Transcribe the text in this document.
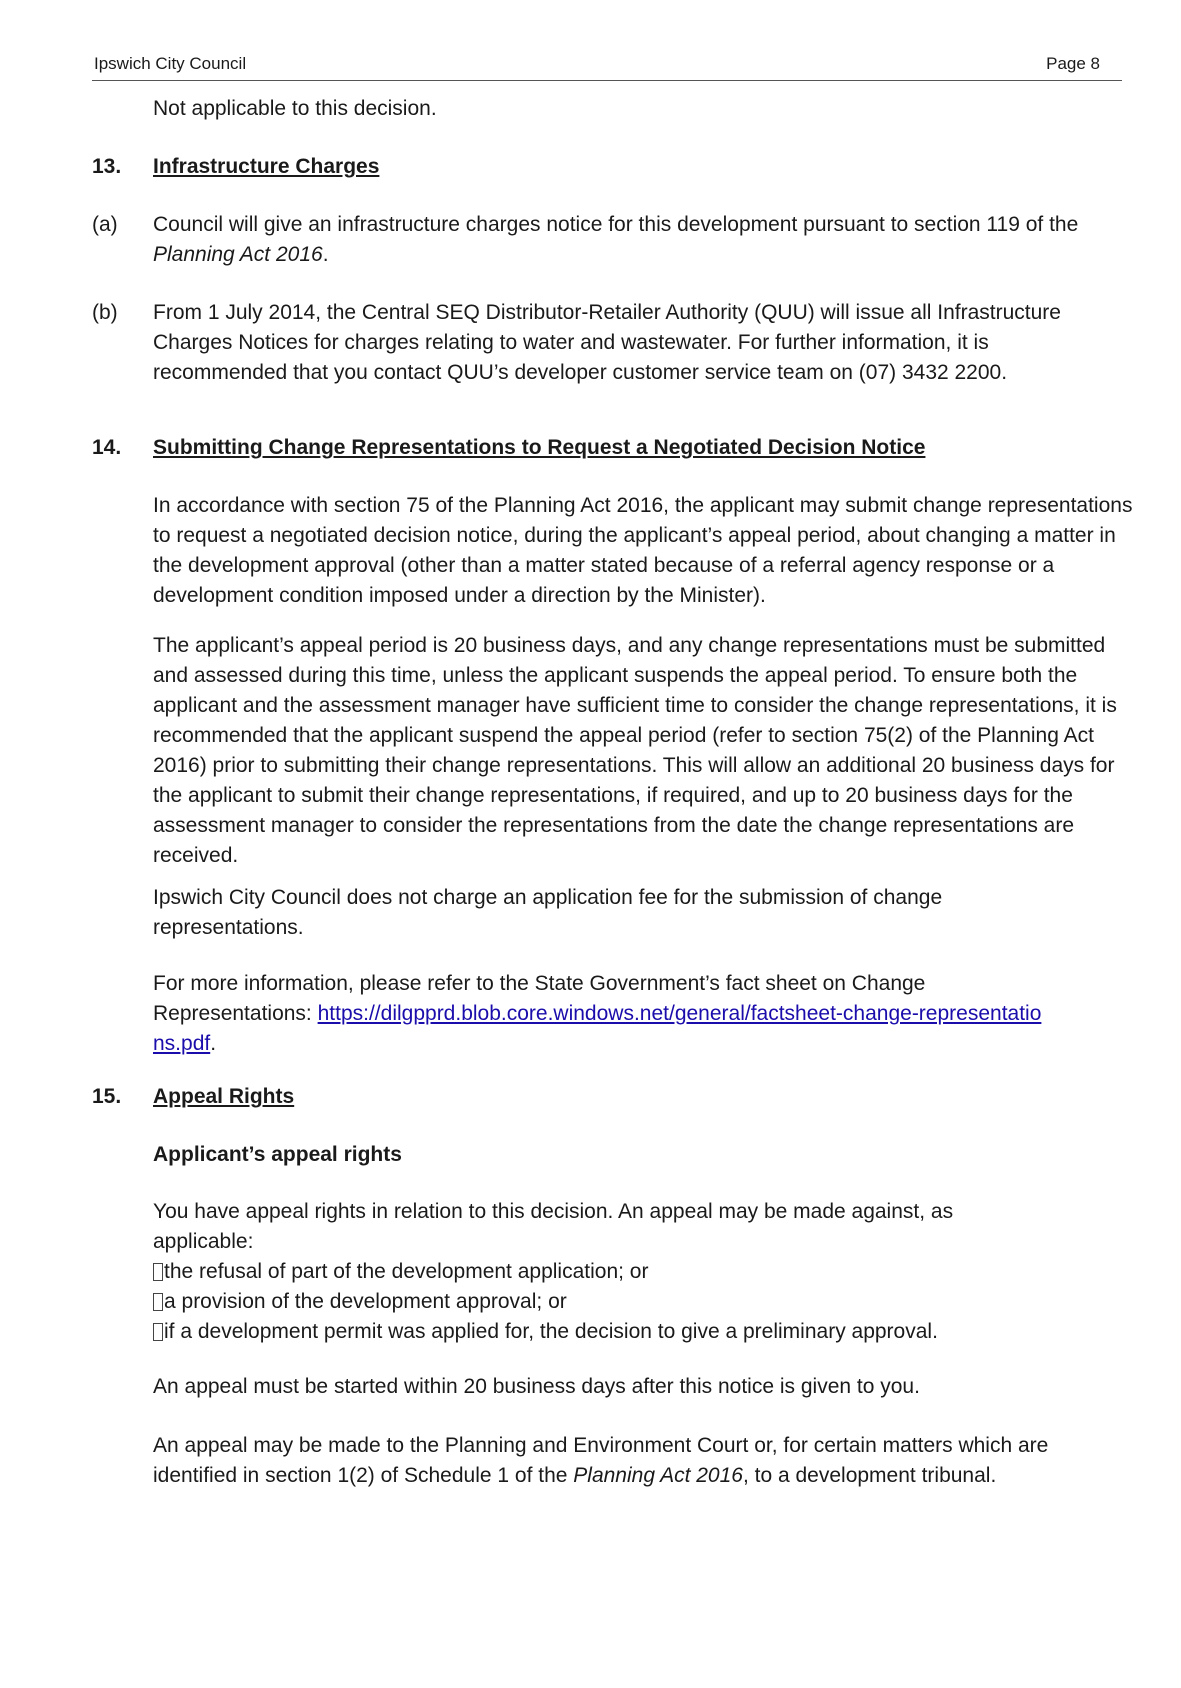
Ipswich City Council	Page 8
Not applicable to this decision.
13. Infrastructure Charges
(a) Council will give an infrastructure charges notice for this development pursuant to section 119 of the Planning Act 2016.
(b) From 1 July 2014, the Central SEQ Distributor-Retailer Authority (QUU) will issue all Infrastructure Charges Notices for charges relating to water and wastewater. For further information, it is recommended that you contact QUU’s developer customer service team on (07) 3432 2200.
14. Submitting Change Representations to Request a Negotiated Decision Notice
In accordance with section 75 of the Planning Act 2016, the applicant may submit change representations to request a negotiated decision notice, during the applicant’s appeal period, about changing a matter in the development approval (other than a matter stated because of a referral agency response or a development condition imposed under a direction by the Minister).
The applicant’s appeal period is 20 business days, and any change representations must be submitted and assessed during this time, unless the applicant suspends the appeal period. To ensure both the applicant and the assessment manager have sufficient time to consider the change representations, it is recommended that the applicant suspend the appeal period (refer to section 75(2) of the Planning Act 2016) prior to submitting their change representations. This will allow an additional 20 business days for the applicant to submit their change representations, if required, and up to 20 business days for the assessment manager to consider the representations from the date the change representations are received.
Ipswich City Council does not charge an application fee for the submission of change representations.
For more information, please refer to the State Government’s fact sheet on Change Representations: https://dilgpprd.blob.core.windows.net/general/factsheet-change-representations.pdf.
15. Appeal Rights
Applicant’s appeal rights
You have appeal rights in relation to this decision. An appeal may be made against, as applicable:
the refusal of part of the development application; or
a provision of the development approval; or
if a development permit was applied for, the decision to give a preliminary approval.
An appeal must be started within 20 business days after this notice is given to you.
An appeal may be made to the Planning and Environment Court or, for certain matters which are identified in section 1(2) of Schedule 1 of the Planning Act 2016, to a development tribunal.
